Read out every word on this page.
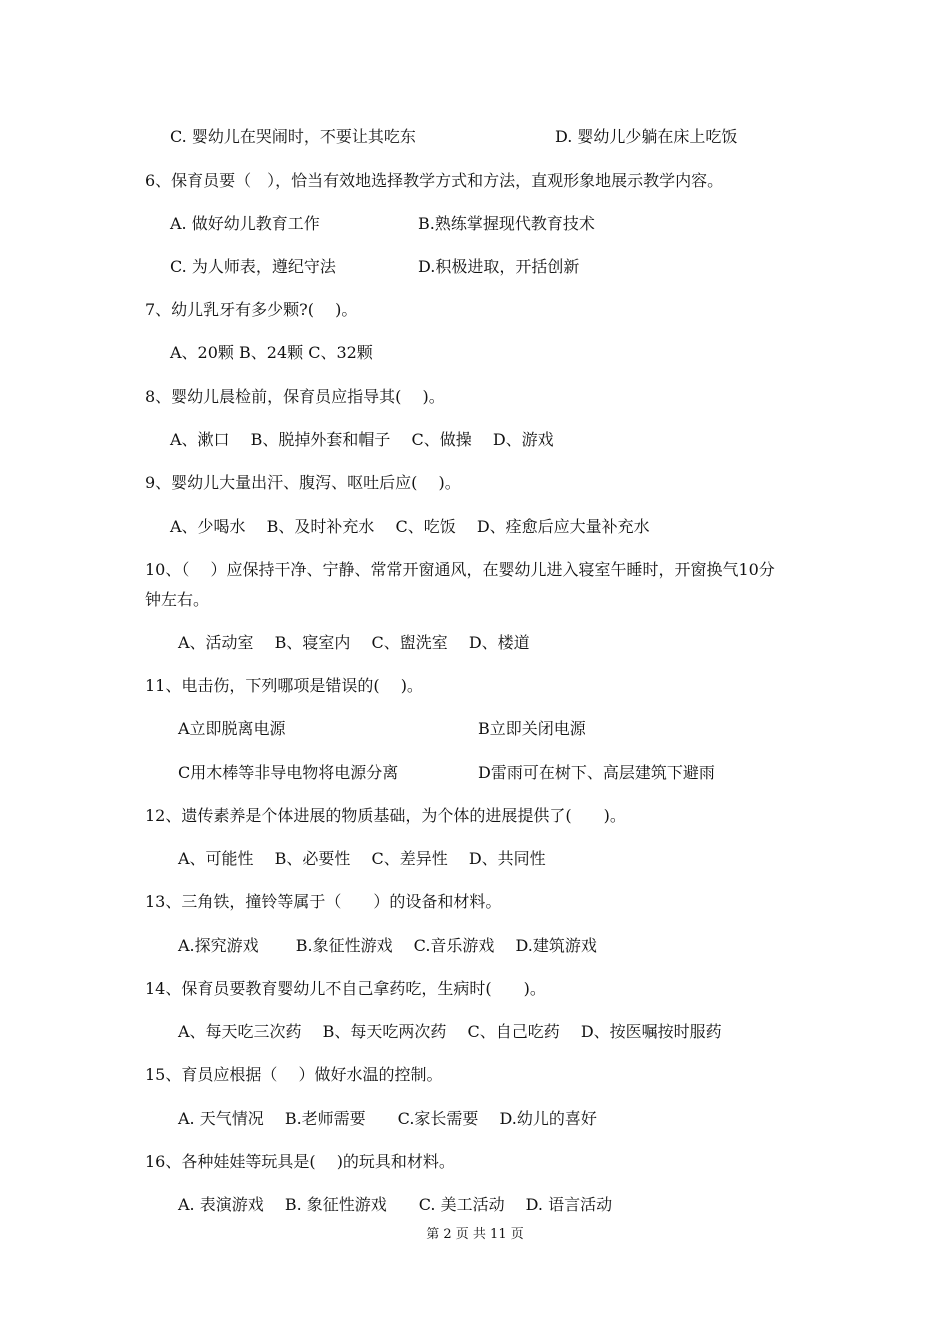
C. 婴幼儿在哭闹时，不要让其吃东	D. 婴幼儿少躺在床上吃饭
6、保育员要（　），恰当有效地选择教学方式和方法，直观形象地展示教学内容。
A. 做好幼儿教育工作	B.熟练掌握现代教育技术
C. 为人师表，遵纪守法	D.积极进取，开括创新
7、幼儿乳牙有多少颗?(　 )。
A、20颗 B、24颗 C、32颗
8、婴幼儿晨检前，保育员应指导其(　 )。
A、漱口　 B、脱掉外套和帽子　 C、做操　 D、游戏
9、婴幼儿大量出汗、腹泻、呕吐后应(　 )。
A、少喝水　 B、及时补充水　 C、吃饭　 D、痊愈后应大量补充水
10、（　 ）应保持干净、宁静、常常开窗通风，在婴幼儿进入寝室午睡时，开窗换气10分
钟左右。
A、活动室　 B、寝室内　 C、盥洗室　 D、楼道
11、电击伤，下列哪项是错误的(　 )。
A立即脱离电源	B立即关闭电源
C用木棒等非导电物将电源分离	D雷雨可在树下、高层建筑下避雨
12、遗传素养是个体进展的物质基础，为个体的进展提供了(　　)。
A、可能性　 B、必要性　 C、差异性　 D、共同性
13、三角铁，撞铃等属于（　　）的设备和材料。
A.探究游戏　　 B.象征性游戏　 C.音乐游戏　 D.建筑游戏
14、保育员要教育婴幼儿不自己拿药吃，生病时(　　)。
A、每天吃三次药　 B、每天吃两次药　 C、自己吃药　 D、按医嘱按时服药
15、育员应根据（　 ）做好水温的控制。
A. 天气情况　 B.老师需要　　C.家长需要　 D.幼儿的喜好
16、各种娃娃等玩具是(　 )的玩具和材料。
A. 表演游戏　 B. 象征性游戏　　C. 美工活动　 D. 语言活动
第 2 页 共 11 页
